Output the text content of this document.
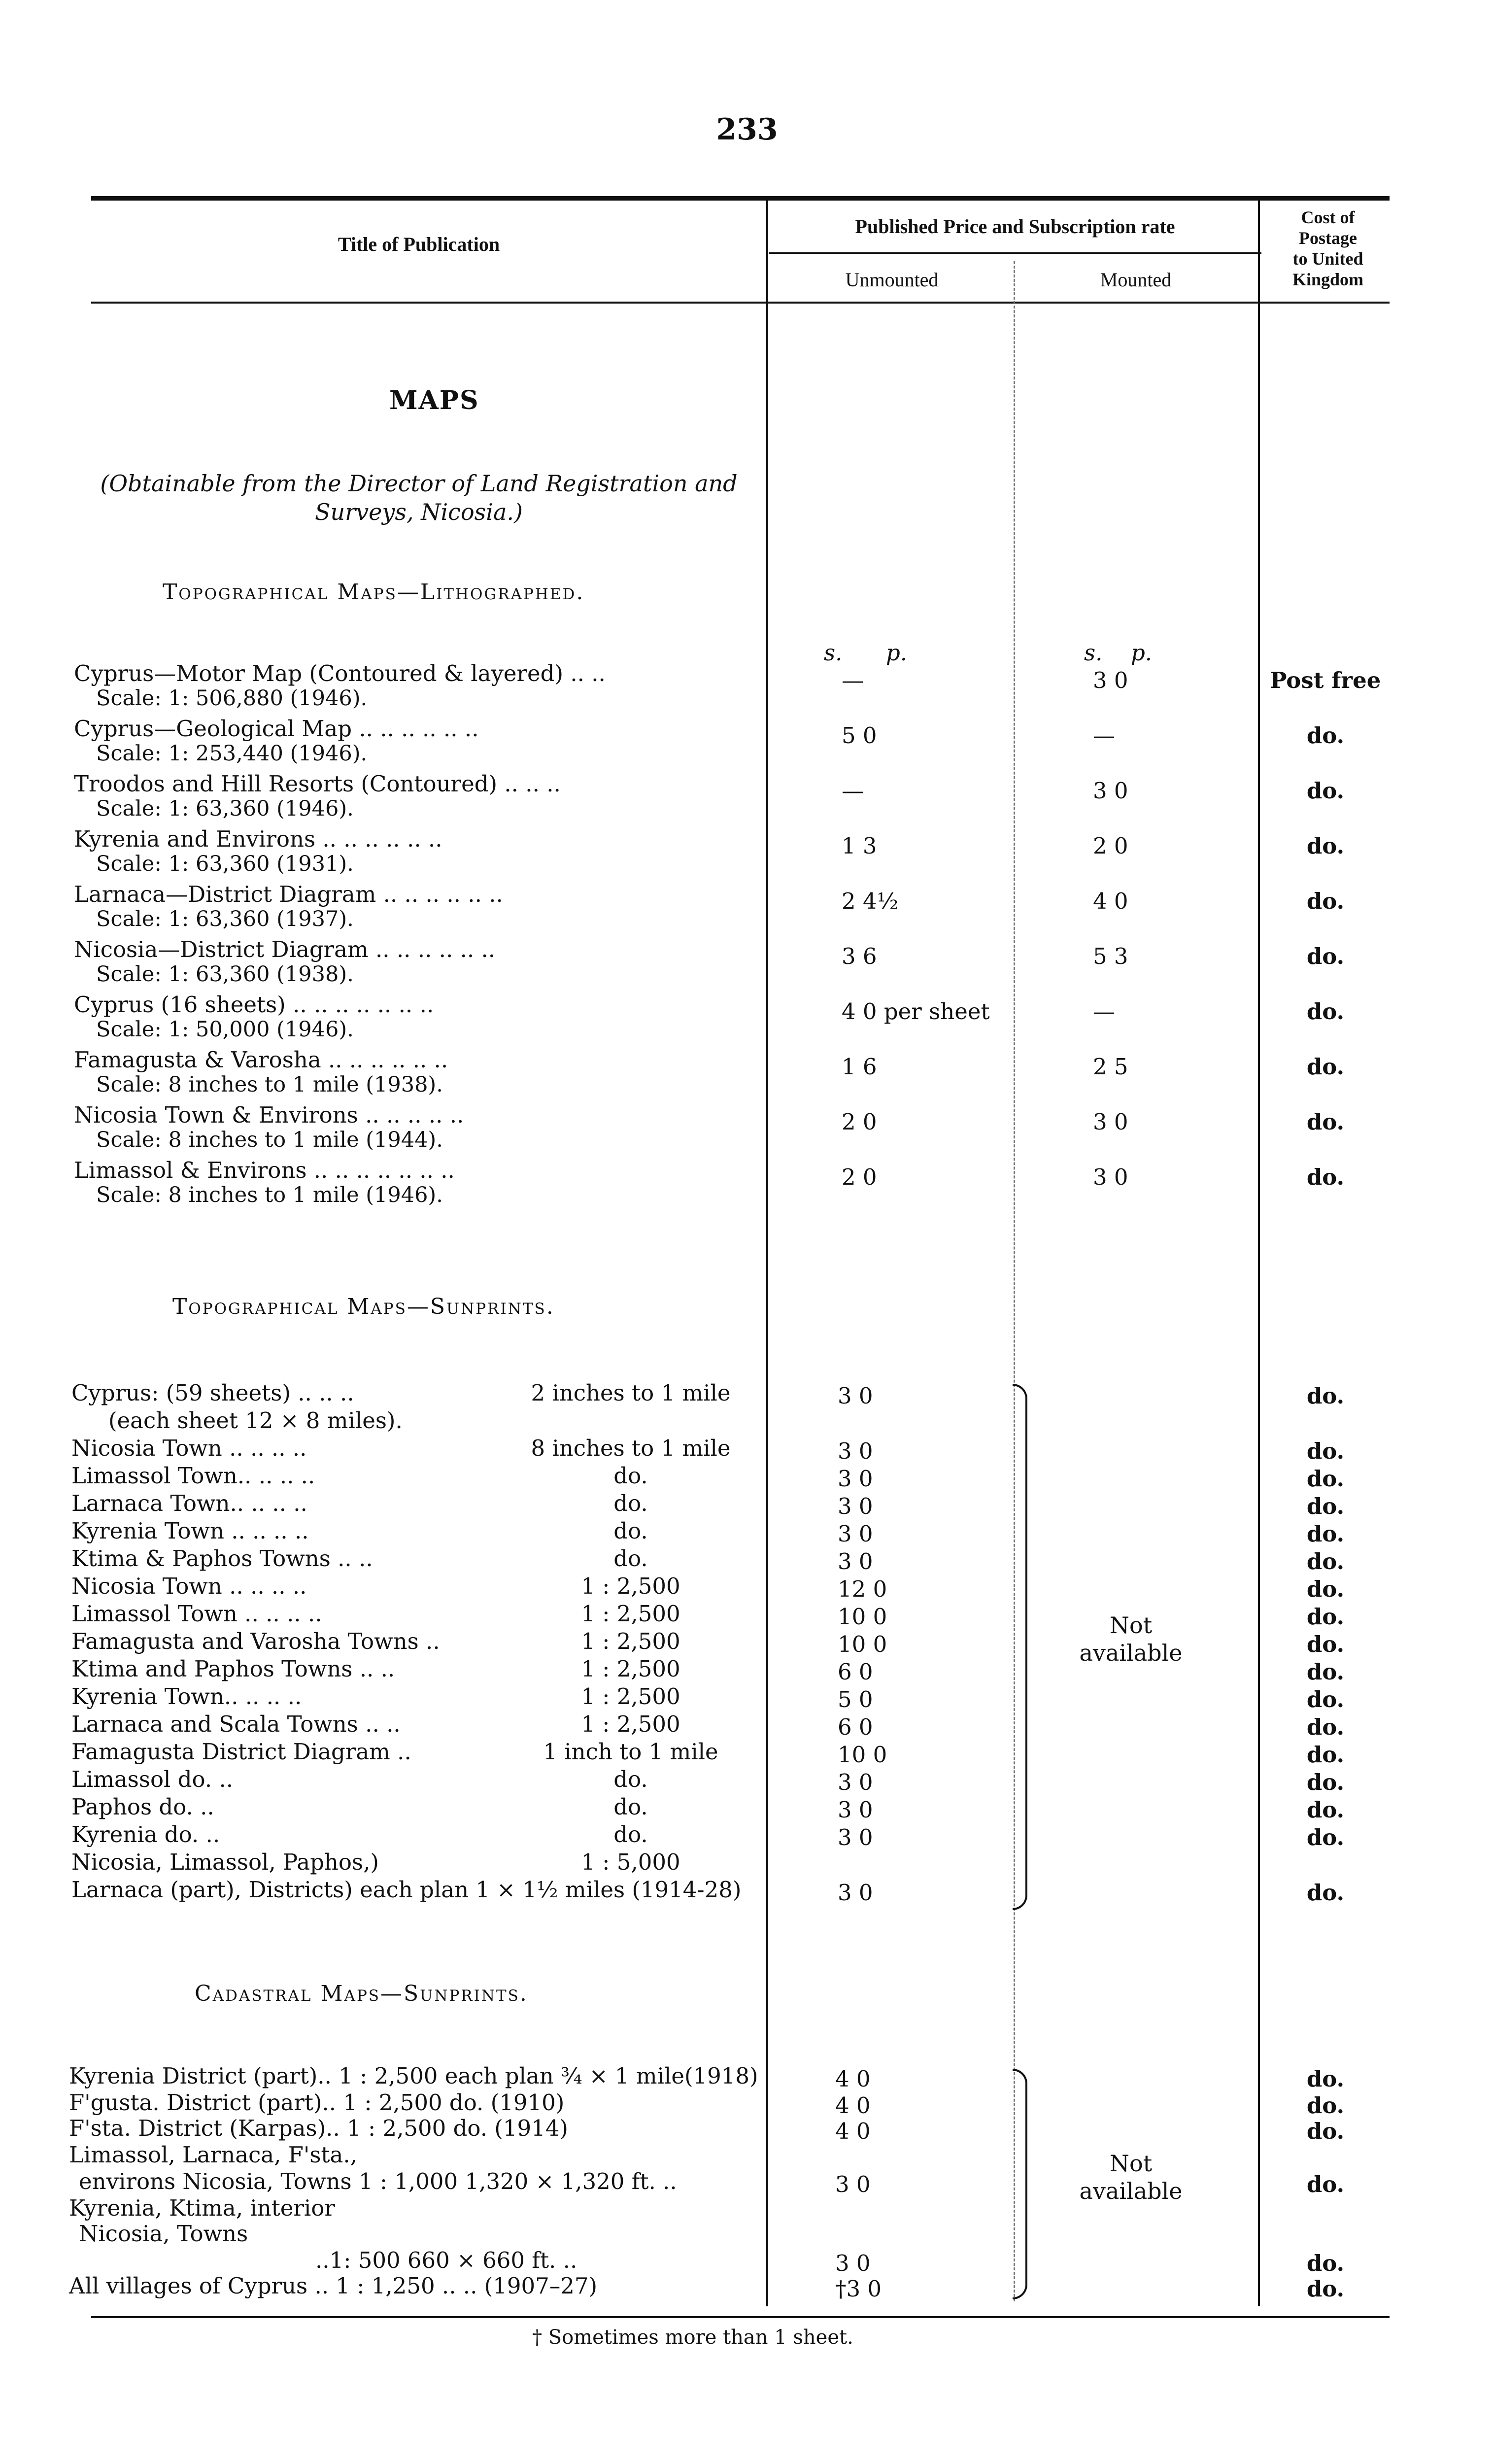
233
Title of Publication
Published Price and Subscription rate
Unmounted	Mounted
Cost of
Postage
to United
Kingdom
MAPS
(Obtainable from the Director of Land Registration and
Surveys, Nicosia.)
Topographical Maps—Lithographed.
s. p.	s. p.
Cyprus—Motor Map (Contoured & layered) .. ..
Scale: 1: 506,880 (1946).
—	3 0	Post free
Cyprus—Geological Map .. .. .. .. .. ..
Scale: 1: 253,440 (1946).
5 0	—	do.
Troodos and Hill Resorts (Contoured) .. .. ..
Scale: 1: 63,360 (1946).
—	3 0	do.
Kyrenia and Environs .. .. .. .. .. ..
Scale: 1: 63,360 (1931).
1 3	2 0	do.
Larnaca—District Diagram .. .. .. .. .. ..
Scale: 1: 63,360 (1937).
2 4½	4 0	do.
Nicosia—District Diagram .. .. .. .. .. ..
Scale: 1: 63,360 (1938).
3 6	5 3	do.
Cyprus (16 sheets) .. .. .. .. .. .. ..
Scale: 1: 50,000 (1946).
4 0 per sheet	—	do.
Famagusta & Varosha .. .. .. .. .. ..
Scale: 8 inches to 1 mile (1938).
1 6	2 5	do.
Nicosia Town & Environs .. .. .. .. ..
Scale: 8 inches to 1 mile (1944).
2 0	3 0	do.
Limassol & Environs .. .. .. .. .. .. ..
Scale: 8 inches to 1 mile (1946).
2 0	3 0	do.
Topographical Maps—Sunprints.
Cyprus: (59 sheets) .. .. ..	2 inches to 1 mile	3 0	do.
(each sheet 12 × 8 miles).
Nicosia Town .. .. .. ..	8 inches to 1 mile	3 0	do.
Limassol Town.. .. .. ..	do.	3 0	do.
Larnaca Town.. .. .. ..	do.	3 0	do.
Kyrenia Town .. .. .. ..	do.	3 0	do.
Ktima & Paphos Towns .. ..	do.	3 0	do.
Nicosia Town .. .. .. ..	1 : 2,500	12 0	do.
Limassol Town .. .. .. ..	1 : 2,500	10 0	do.
Famagusta and Varosha Towns ..	1 : 2,500	10 0	do.
Ktima and Paphos Towns .. ..	1 : 2,500	6 0	do.
Kyrenia Town.. .. .. ..	1 : 2,500	5 0	do.
Larnaca and Scala Towns .. ..	1 : 2,500	6 0	do.
Famagusta District Diagram ..	1 inch to 1 mile	10 0	do.
Limassol do. ..	do.	3 0	do.
Paphos do. ..	do.	3 0	do.
Kyrenia do. ..	do.	3 0	do.
Nicosia, Limassol, Paphos,)	1 : 5,000
Larnaca (part), Districts) each plan 1 × 1½ miles (1914-28)	3 0	do.
Not
available
Cadastral Maps—Sunprints.
Kyrenia District (part).. 1 : 2,500 each plan ¾ × 1 mile(1918)	4 0	do.
F'gusta. District (part).. 1 : 2,500 do. (1910)	4 0	do.
F'sta. District (Karpas).. 1 : 2,500 do. (1914)	4 0	do.
Limassol, Larnaca, F'sta.,
environs Nicosia, Towns 1 : 1,000 1,320 × 1,320 ft. ..	3 0	do.
Kyrenia, Ktima, interior
Nicosia, Towns
..1: 500 660 × 660 ft. ..	3 0	do.
All villages of Cyprus .. 1 : 1,250 .. .. (1907–27)	†3 0	do.
Not
available
† Sometimes more than 1 sheet.
